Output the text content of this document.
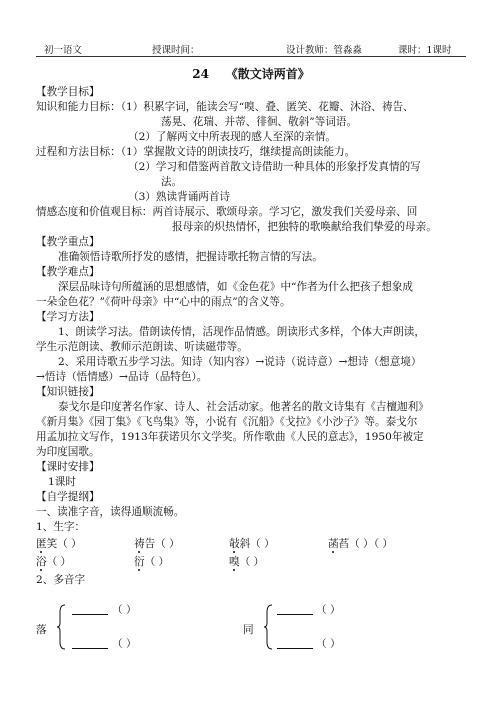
初一语文	授课时间：	设计教师：管淼淼	课时：1课时
24    《散文诗两首》
【教学目标】
知识和能力目标：（1）积累字词，能读会写“嗅、叠、匿笑、花瓣、沐浴、祷告、
荡晃、花瑞、并蒂、徘徊、敬斜”等词语。
（2）了解两文中所表现的感人至深的亲情。
过程和方法目标：（1）掌握散文诗的朗读技巧，继续提高朗读能力。
（2）学习和借鉴两首散文诗借助一种具体的形象抒发真情的写
法。
（3）熟读背诵两首诗
情感态度和价值观目标：两首诗展示、歌颂母亲。学习它，激发我们关爱母亲、回
报母亲的炽热情怀，把独特的歌唤献给我们挚爱的母亲。
【教学重点】
准确领悟诗歌所抒发的感情，把握诗歌托物言情的写法。
【教学难点】
深层品味诗句所蕴涵的思想感情，如《金色花》中“作者为什么把孩子想象成
一朵金色花？”《荷叶母亲》中“心中的雨点”的含义等。
【学习方法】
1、朗读学习法。借朗读传情，活现作品情感。朗读形式多样，个体大声朗读，
学生示范朗读、教师示范朗读、听读磁带等。
2、采用诗歌五步学习法。知诗（知内容）→说诗（说诗意）→想诗（想意境）
→悟诗（悟情感）→品诗（品特色）。
【知识链接】
泰戈尔是印度著名作家、诗人、社会活动家。他著名的散文诗集有《吉檀迦利》
《新月集》《园丁集》《飞鸟集》等，小说有《沉船》《戈拉》《小沙子》等。泰戈尔
用孟加拉文写作，1913年获诺贝尔文学奖。所作歌曲《人民的意志》，1950年被定
为印度国歌。
【课时安排】
1课时
【自学提纲】
一、读准字音，读得通顺流畅。
1、生字：
匿笑（ ）	祷告（ ）	敧斜（ ）	菡萏（ ）（ ）
浴（ ）	衍（ ）	嗅（ ）
2、多音字
落
（ ）
（ ）
同
（ ）
（ ）
